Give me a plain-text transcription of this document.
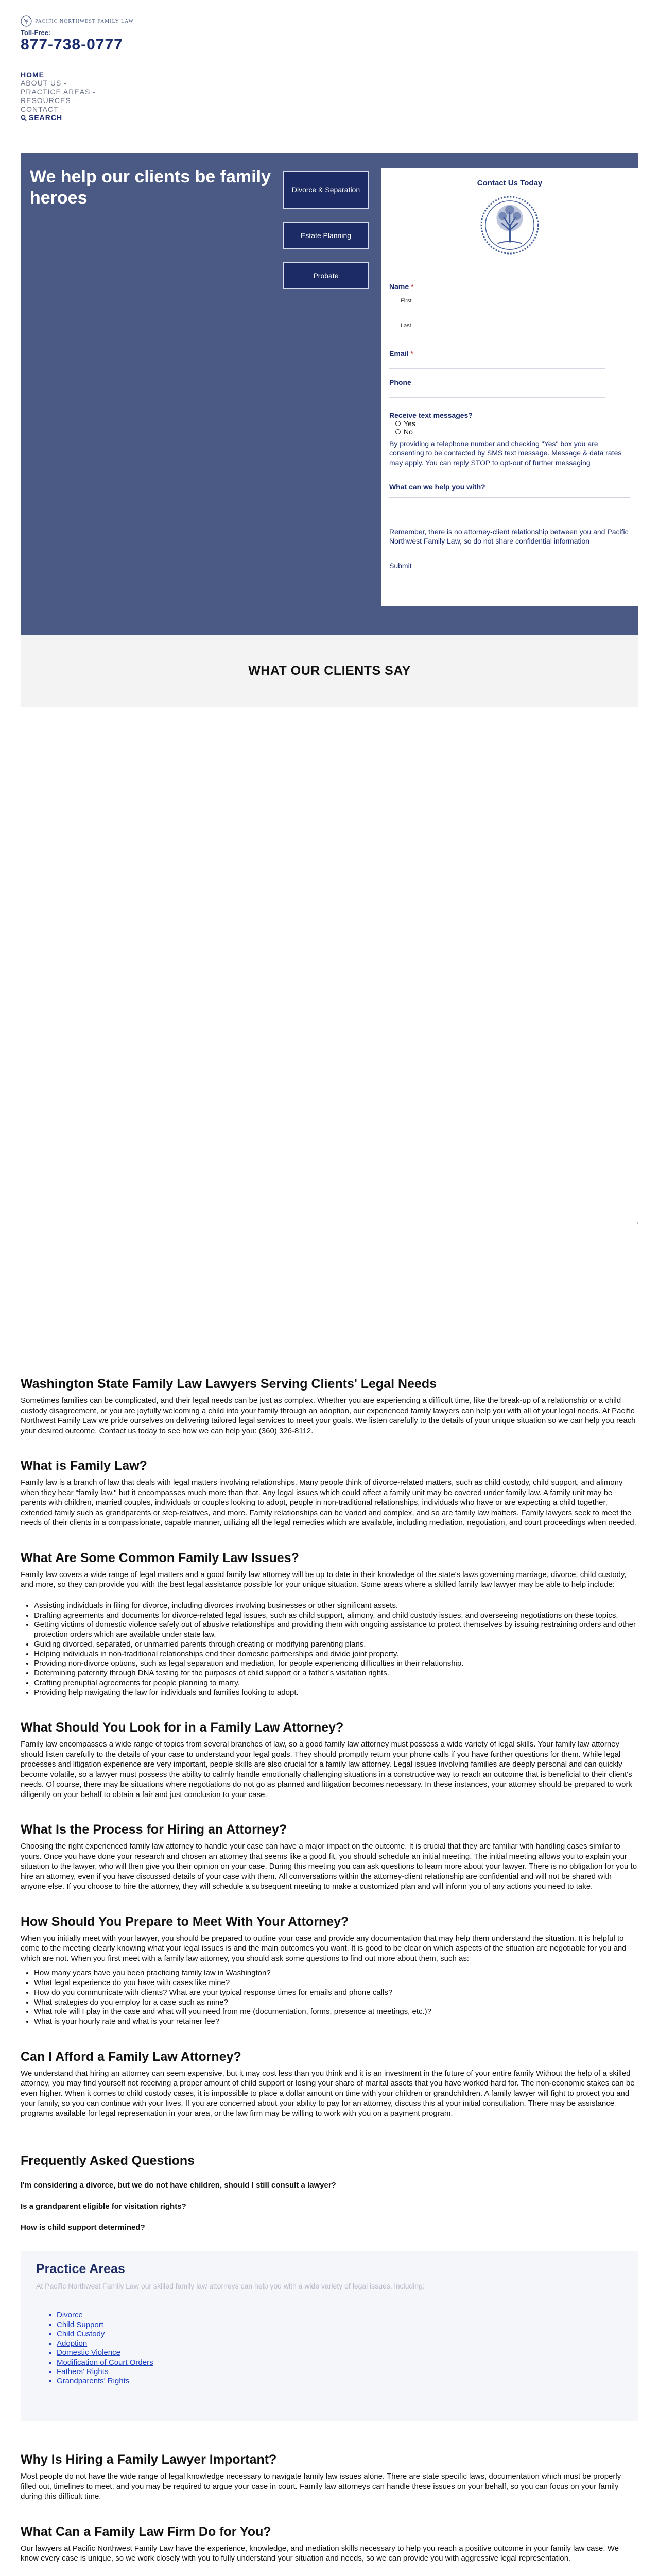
PACIFIC NORTHWEST FAMILY LAW
Toll-Free:
877-738-0777
HOME
ABOUT US -
PRACTICE AREAS -
RESOURCES -
CONTACT -
SEARCH
We help our clients be family heroes	Divorce & Separation
Estate Planning
Probate
Contact Us Today
Name *
First
Last
Email *
Phone
Receive text messages?
Yes
No
By providing a telephone number and checking "Yes" box you are consenting to be contacted by SMS text message. Message & data rates may apply. You can reply STOP to opt-out of further messaging
What can we help you with?
Remember, there is no attorney-client relationship between you and Pacific Northwest Family Law, so do not share confidential information
Submit
WHAT OUR CLIENTS SAY
Washington State Family Law Lawyers Serving Clients' Legal Needs

Sometimes families can be complicated, and their legal needs can be just as complex. Whether you are experiencing a difficult time, like the break-up of a relationship or a child custody disagreement, or you are joyfully welcoming a child into your family through an adoption, our experienced family lawyers can help you with all of your legal needs. At Pacific Northwest Family Law we pride ourselves on delivering tailored legal services to meet your goals. We listen carefully to the details of your unique situation so we can help you reach your desired outcome. Contact us today to see how we can help you: (360) 326-8112.

What is Family Law?

Family law is a branch of law that deals with legal matters involving relationships. Many people think of divorce-related matters, such as child custody, child support, and alimony when they hear "family law," but it encompasses much more than that. Any legal issues which could affect a family unit may be covered under family law. A family unit may be parents with children, married couples, individuals or couples looking to adopt, people in non-traditional relationships, individuals who have or are expecting a child together, extended family such as grandparents or step-relatives, and more. Family relationships can be varied and complex, and so are family law matters. Family lawyers seek to meet the needs of their clients in a compassionate, capable manner, utilizing all the legal remedies which are available, including mediation, negotiation, and court proceedings when needed.

What Are Some Common Family Law Issues?

Family law covers a wide range of legal matters and a good family law attorney will be up to date in their knowledge of the state's laws governing marriage, divorce, child custody, and more, so they can provide you with the best legal assistance possible for your unique situation. Some areas where a skilled family law lawyer may be able to help include:

• Assisting individuals in filing for divorce, including divorces involving businesses or other significant assets.
• Drafting agreements and documents for divorce-related legal issues, such as child support, alimony, and child custody issues, and overseeing negotiations on these topics.
• Getting victims of domestic violence safely out of abusive relationships and providing them with ongoing assistance to protect themselves by issuing restraining orders and other protection orders which are available under state law.
• Guiding divorced, separated, or unmarried parents through creating or modifying parenting plans.
• Helping individuals in non-traditional relationships end their domestic partnerships and divide joint property.
• Providing non-divorce options, such as legal separation and mediation, for people experiencing difficulties in their relationship.
• Determining paternity through DNA testing for the purposes of child support or a father's visitation rights.
• Crafting prenuptial agreements for people planning to marry.
• Providing help navigating the law for individuals and families looking to adopt.
What Should You Look for in a Family Law Attorney?

Family law encompasses a wide range of topics from several branches of law, so a good family law attorney must possess a wide variety of legal skills. Your family law attorney should listen carefully to the details of your case to understand your legal goals. They should promptly return your phone calls if you have further questions for them. While legal processes and litigation experience are very important, people skills are also crucial for a family law attorney. Legal issues involving families are deeply personal and can quickly become volatile, so a lawyer must possess the ability to calmly handle emotionally challenging situations in a constructive way to reach an outcome that is beneficial to their client's needs. Of course, there may be situations where negotiations do not go as planned and litigation becomes necessary. In these instances, your attorney should be prepared to work diligently on your behalf to obtain a fair and just conclusion to your case.

What Is the Process for Hiring an Attorney?

Choosing the right experienced family law attorney to handle your case can have a major impact on the outcome. It is crucial that they are familiar with handling cases similar to yours. Once you have done your research and chosen an attorney that seems like a good fit, you should schedule an initial meeting. The initial meeting allows you to explain your situation to the lawyer, who will then give you their opinion on your case. During this meeting you can ask questions to learn more about your lawyer. There is no obligation for you to hire an attorney, even if you have discussed details of your case with them. All conversations within the attorney-client relationship are confidential and will not be shared with anyone else. If you choose to hire the attorney, they will schedule a subsequent meeting to make a customized plan and will inform you of any actions you need to take.

How Should You Prepare to Meet With Your Attorney?

When you initially meet with your lawyer, you should be prepared to outline your case and provide any documentation that may help them understand the situation. It is helpful to come to the meeting clearly knowing what your legal issues is and the main outcomes you want. It is good to be clear on which aspects of the situation are negotiable for you and which are not. When you first meet with a family law attorney, you should ask some questions to find out more about them, such as:

• How many years have you been practicing family law in Washington?
• What legal experience do you have with cases like mine?
• How do you communicate with clients? What are your typical response times for emails and phone calls?
• What strategies do you employ for a case such as mine?
• What role will I play in the case and what will you need from me (documentation, forms, presence at meetings, etc.)?
• What is your hourly rate and what is your retainer fee?
Can I Afford a Family Law Attorney?

We understand that hiring an attorney can seem expensive, but it may cost less than you think and it is an investment in the future of your entire family Without the help of a skilled attorney, you may find yourself not receiving a proper amount of child support or losing your share of marital assets that you have worked hard for. The non-economic stakes can be even higher. When it comes to child custody cases, it is impossible to place a dollar amount on time with your children or grandchildren. A family lawyer will fight to protect you and your family, so you can continue with your lives. If you are concerned about your ability to pay for an attorney, discuss this at your initial consultation. There may be assistance programs available for legal representation in your area, or the law firm may be willing to work with you on a payment program.

Frequently Asked Questions
I'm considering a divorce, but we do not have children, should I still consult a lawyer?
Is a grandparent eligible for visitation rights?
How is child support determined?
Practice Areas
At Pacific Northwest Family Law our skilled family law attorneys can help you with a wide variety of legal issues, including:
▪ Divorce
▪ Child Support
▪ Child Custody
▪ Adoption
▪ Domestic Violence
▪ Modification of Court Orders
▪ Fathers' Rights
▪ Grandparents' Rights
Why Is Hiring a Family Lawyer Important?

Most people do not have the wide range of legal knowledge necessary to navigate family law issues alone. There are state specific laws, documentation which must be properly filled out, timelines to meet, and you may be required to argue your case in court. Family law attorneys can handle these issues on your behalf, so you can focus on your family during this difficult time.

What Can a Family Law Firm Do for You?

Our lawyers at Pacific Northwest Family Law have the experience, knowledge, and mediation skills necessary to help you reach a positive outcome in your family law case. We know every case is unique, so we work closely with you to fully understand your situation and needs, so we can provide you with aggressive legal representation.
